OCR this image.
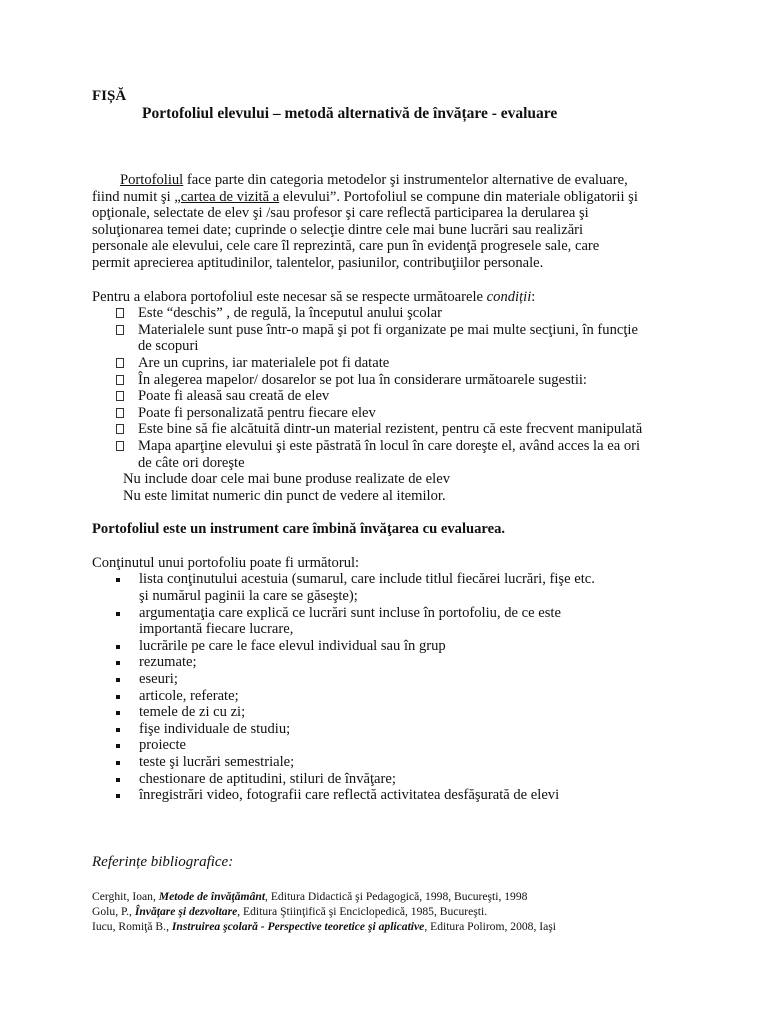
FIȘĂ
Portofoliul elevului – metodă alternativă de învățare - evaluare
Portofoliul face parte din categoria metodelor şi instrumentelor alternative de evaluare,
fiind numit şi „cartea de vizită a elevului”. Portofoliul se compune din materiale obligatorii şi
opţionale, selectate de elev şi /sau profesor şi care reflectă participarea la derularea şi
soluţionarea temei date; cuprinde o selecţie dintre cele mai bune lucrări sau realizări
personale ale elevului, cele care îl reprezintă, care pun în evidenţă progresele sale, care
permit aprecierea aptitudinilor, talentelor, pasiunilor, contribuţiilor personale.
Pentru a elabora portofoliul este necesar să se respecte următoarele condiții:
Este “deschis” , de regulă, la începutul anului şcolar
Materialele sunt puse într-o mapă şi pot fi organizate pe mai multe secţiuni, în funcţie
de scopuri
Are un cuprins, iar materialele pot fi datate
În alegerea mapelor/ dosarelor se pot lua în considerare următoarele sugestii:
Poate fi aleasă sau creată de elev
Poate fi personalizată pentru fiecare elev
Este bine să fie alcătuită dintr-un material rezistent, pentru că este frecvent manipulată
Mapa aparţine elevului şi este păstrată în locul în care doreşte el, având acces la ea ori
de câte ori doreşte
Nu include doar cele mai bune produse realizate de elev
Nu este limitat numeric din punct de vedere al itemilor.
Portofoliul este un instrument care îmbină învăţarea cu evaluarea.
Conţinutul unui portofoliu poate fi următorul:
lista conţinutului acestuia (sumarul, care include titlul fiecărei lucrări, fişe etc.
şi numărul paginii la care se găseşte);
argumentaţia care explică ce lucrări sunt incluse în portofoliu, de ce este
importantă fiecare lucrare,
lucrările pe care le face elevul individual sau în grup
rezumate;
eseuri;
articole, referate;
temele de zi cu zi;
fişe individuale de studiu;
proiecte
teste şi lucrări semestriale;
chestionare de aptitudini, stiluri de învăţare;
înregistrări video, fotografii care reflectă activitatea desfăşurată de elevi
Referințe bibliografice:
Cerghit, Ioan, Metode de învăţământ, Editura Didactică şi Pedagogică, 1998, Bucureşti, 1998
Golu, P., Învăţare şi dezvoltare, Editura Ştiinţifică şi Enciclopedică, 1985, Bucureşti.
Iucu, Romiţă B., Instruirea şcolară - Perspective teoretice şi aplicative, Editura Polirom, 2008, Iaşi
